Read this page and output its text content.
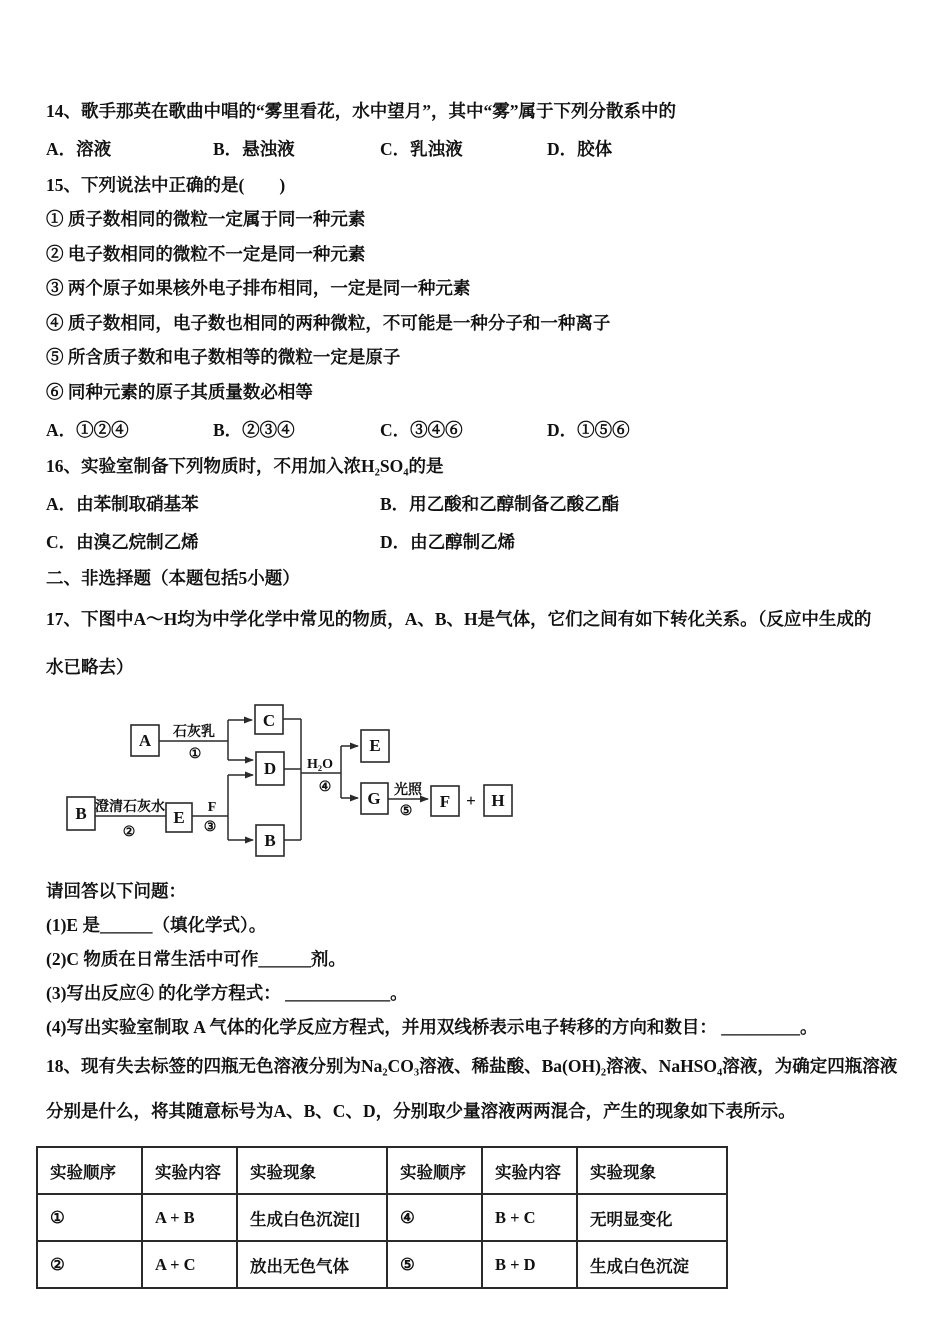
14、歌手那英在歌曲中唱的“雾里看花，水中望月”，其中“雾”属于下列分散系中的
A．溶液	B．悬浊液	C．乳浊液	D．胶体
15、下列说法中正确的是(　　)
① 质子数相同的微粒一定属于同一种元素
② 电子数相同的微粒不一定是同一种元素
③ 两个原子如果核外电子排布相同，一定是同一种元素
④ 质子数相同，电子数也相同的两种微粒，不可能是一种分子和一种离子
⑤ 所含质子数和电子数相等的微粒一定是原子
⑥ 同种元素的原子其质量数必相等
A．①②④	B．②③④	C．③④⑥	D．①⑤⑥
16、实验室制备下列物质时，不用加入浓H₂SO₄的是
A．由苯制取硝基苯	B．用乙酸和乙醇制备乙酸乙酯
C．由溴乙烷制乙烯	D．由乙醇制乙烯
二、非选择题（本题包括5小题）
17、下图中A～H均为中学化学中常见的物质，A、B、H是气体，它们之间有如下转化关系。（反应中生成的水已略去）
A
C
D
B
B	E
E
G	F H
石灰乳
①
澄清石灰水
②
F
③
H₂O
④	光照
⑤
+
请回答以下问题：
(1)E 是______（填化学式）。
(2)C 物质在日常生活中可作______剂。
(3)写出反应④ 的化学方程式： ____________。
(4)写出实验室制取 A 气体的化学反应方程式，并用双线桥表示电子转移的方向和数目： _________。
18、现有失去标签的四瓶无色溶液分别为Na₂CO₃溶液、稀盐酸、Ba(OH)₂溶液、NaHSO₄溶液，为确定四瓶溶液分别是什么，将其随意标号为A、B、C、D，分别取少量溶液两两混合，产生的现象如下表所示。
实验顺序	实验内容	实验现象	实验顺序	实验内容	实验现象
①	A + B	生成白色沉淀[]	④	B + C	无明显变化
②	A + C	放出无色气体	⑤	B + D	生成白色沉淀
